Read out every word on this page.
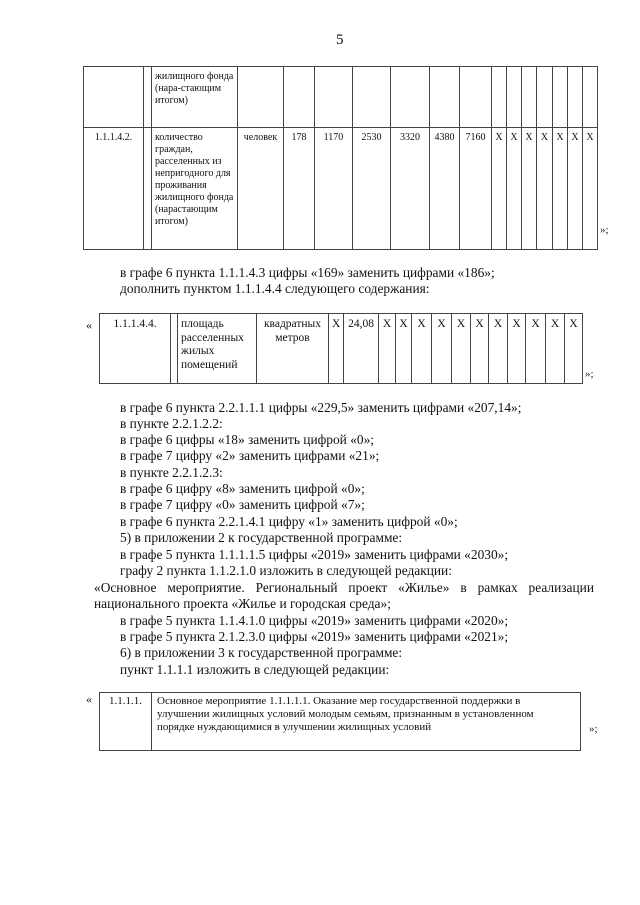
5
		жилищного фонда (нара-стающим итогом)														
1.1.1.4.2.		количество граждан, расселенных из непригодного для проживания жилищного фонда (нарастающим итогом)	человек	178	1170	2530	3320	4380	7160	X	X	X	X	X	X	X
»;
в графе 6 пункта 1.1.1.4.3 цифры «169» заменить цифрами «186»;
дополнить пунктом 1.1.1.4.4 следующего содержания:
« 1.1.1.4.4.		площадь расселенных жилых помещений	квадратных метров	X	24,08	X	X	X	X	X	X	X	X	X	X	X
»;
в графе 6 пункта 2.2.1.1.1 цифры «229,5» заменить цифрами «207,14»;
в пункте 2.2.1.2.2:
в графе 6 цифры «18» заменить цифрой «0»;
в графе 7 цифру «2» заменить цифрами «21»;
в пункте 2.2.1.2.3:
в графе 6 цифру «8» заменить цифрой «0»;
в графе 7 цифру «0» заменить цифрой «7»;
в графе 6 пункта 2.2.1.4.1 цифру «1» заменить цифрой «0»;
5) в приложении 2 к государственной программе:
в графе 5 пункта 1.1.1.1.5 цифры «2019» заменить цифрами «2030»;
графу 2 пункта 1.1.2.1.0 изложить в следующей редакции:
«Основное мероприятие. Региональный проект «Жилье» в рамках реализации
национального проекта «Жилье и городская среда»;
в графе 5 пункта 1.1.4.1.0 цифры «2019» заменить цифрами «2020»;
в графе 5 пункта 2.1.2.3.0 цифры «2019» заменить цифрами «2021»;
6) в приложении 3 к государственной программе:
пункт 1.1.1.1 изложить в следующей редакции:
« 1.1.1.1.	Основное мероприятие 1.1.1.1.1. Оказание мер государственной поддержки в улучшении жилищных условий молодым семьям, признанным в установленном порядке нуждающимися в улучшении жилищных условий	»;
